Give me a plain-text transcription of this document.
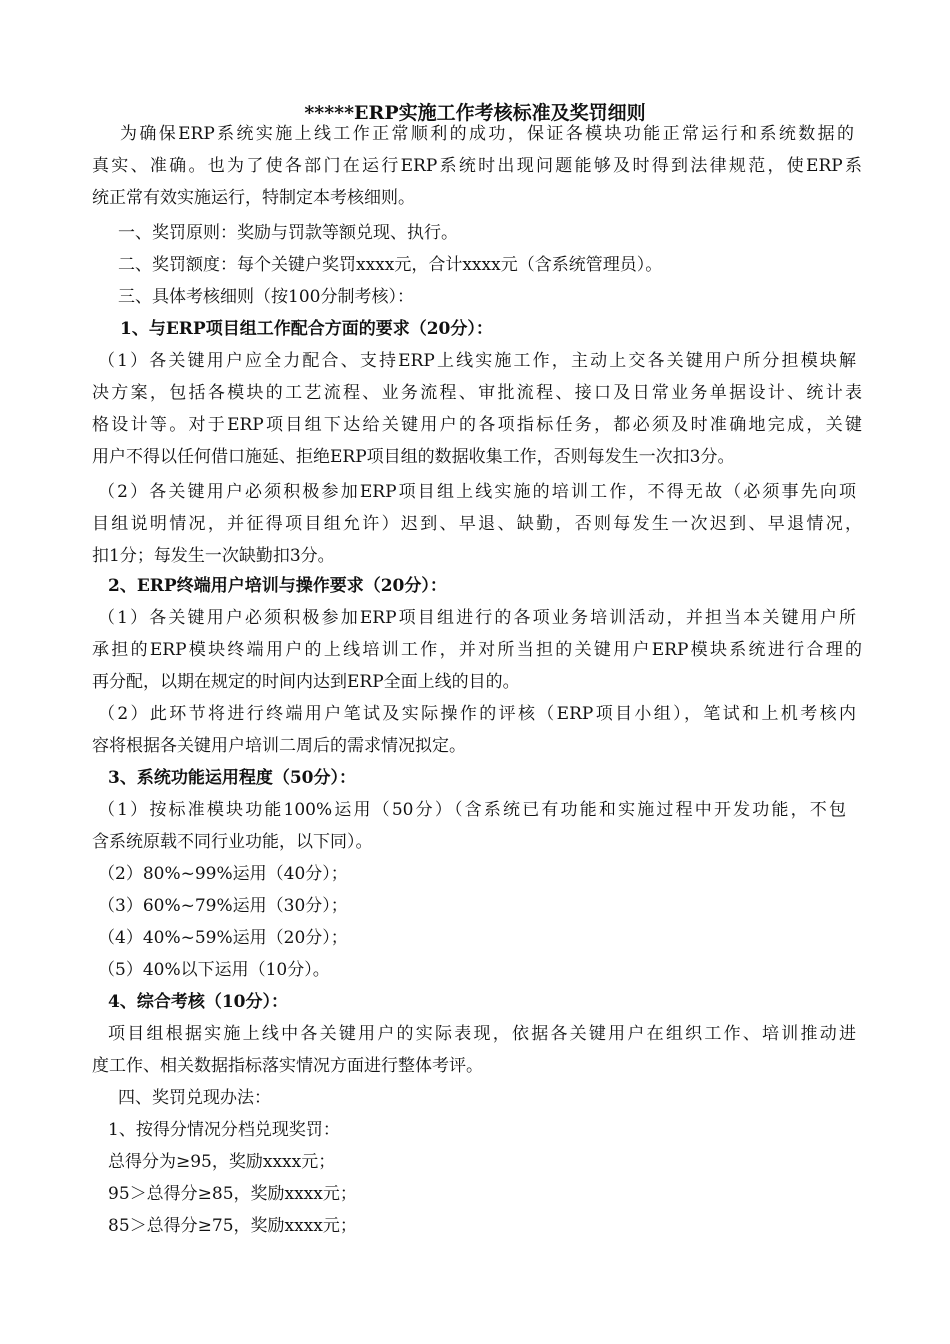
*****ERP实施工作考核标准及奖罚细则
为确保ERP系统实施上线工作正常顺利的成功，保证各模块功能正常运行和系统数据的
真实、准确。也为了使各部门在运行ERP系统时出现问题能够及时得到法律规范，使ERP系
统正常有效实施运行，特制定本考核细则。
一、奖罚原则：奖励与罚款等额兑现、执行。
二、奖罚额度：每个关键户奖罚xxxx元，合计xxxx元（含系统管理员）。
三、具体考核细则（按100分制考核）：
1、与ERP项目组工作配合方面的要求（20分）：
（1）各关键用户应全力配合、支持ERP上线实施工作，主动上交各关键用户所分担模块解
决方案，包括各模块的工艺流程、业务流程、审批流程、接口及日常业务单据设计、统计表
格设计等。对于ERP项目组下达给关键用户的各项指标任务，都必须及时准确地完成，关键
用户不得以任何借口施延、拒绝ERP项目组的数据收集工作，否则每发生一次扣3分。
（2）各关键用户必须积极参加ERP项目组上线实施的培训工作，不得无故（必须事先向项
目组说明情况，并征得项目组允许）迟到、早退、缺勤，否则每发生一次迟到、早退情况，
扣1分；每发生一次缺勤扣3分。
2、ERP终端用户培训与操作要求（20分）：
（1）各关键用户必须积极参加ERP项目组进行的各项业务培训活动，并担当本关键用户所
承担的ERP模块终端用户的上线培训工作，并对所当担的关键用户ERP模块系统进行合理的
再分配，以期在规定的时间内达到ERP全面上线的目的。
（2）此环节将进行终端用户笔试及实际操作的评核（ERP项目小组），笔试和上机考核内
容将根据各关键用户培训二周后的需求情况拟定。
3、系统功能运用程度（50分）：
（1）按标准模块功能100%运用（50分）（含系统已有功能和实施过程中开发功能，不包
含系统原载不同行业功能，以下同）。
（2）80%~99%运用（40分）；
（3）60%~79%运用（30分）；
（4）40%~59%运用（20分）；
（5）40%以下运用（10分）。
4、综合考核（10分）：
项目组根据实施上线中各关键用户的实际表现，依据各关键用户在组织工作、培训推动进
度工作、相关数据指标落实情况方面进行整体考评。
四、奖罚兑现办法：
1、按得分情况分档兑现奖罚：
总得分为≥95，奖励xxxx元；
95＞总得分≥85，奖励xxxx元；
85＞总得分≥75，奖励xxxx元；
